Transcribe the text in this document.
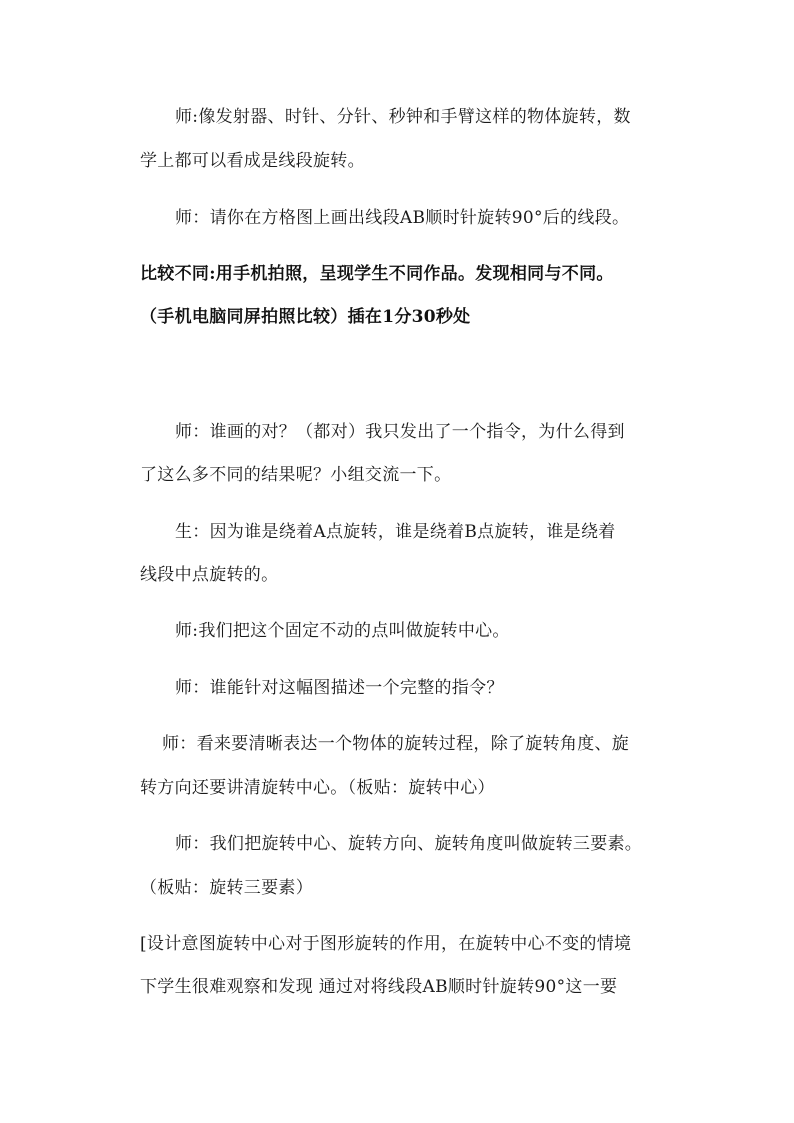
师:像发射器、时针、分针、秒钟和手臂这样的物体旋转，数
学上都可以看成是线段旋转。
师：请你在方格图上画出线段AB顺时针旋转90°后的线段。
比较不同:用手机拍照，呈现学生不同作品。发现相同与不同。
（手机电脑同屏拍照比较）插在1分30秒处
师：谁画的对？（都对）我只发出了一个指令，为什么得到
了这么多不同的结果呢？小组交流一下。
生：因为谁是绕着A点旋转，谁是绕着B点旋转，谁是绕着
线段中点旋转的。
师:我们把这个固定不动的点叫做旋转中心。
师：谁能针对这幅图描述一个完整的指令？
师：看来要清晰表达一个物体的旋转过程，除了旋转角度、旋
转方向还要讲清旋转中心。（板贴：旋转中心）
师：我们把旋转中心、旋转方向、旋转角度叫做旋转三要素。
（板贴：旋转三要素）
[设计意图旋转中心对于图形旋转的作用，在旋转中心不变的情境
下学生很难观察和发现 通过对将线段AB顺时针旋转90°这一要
